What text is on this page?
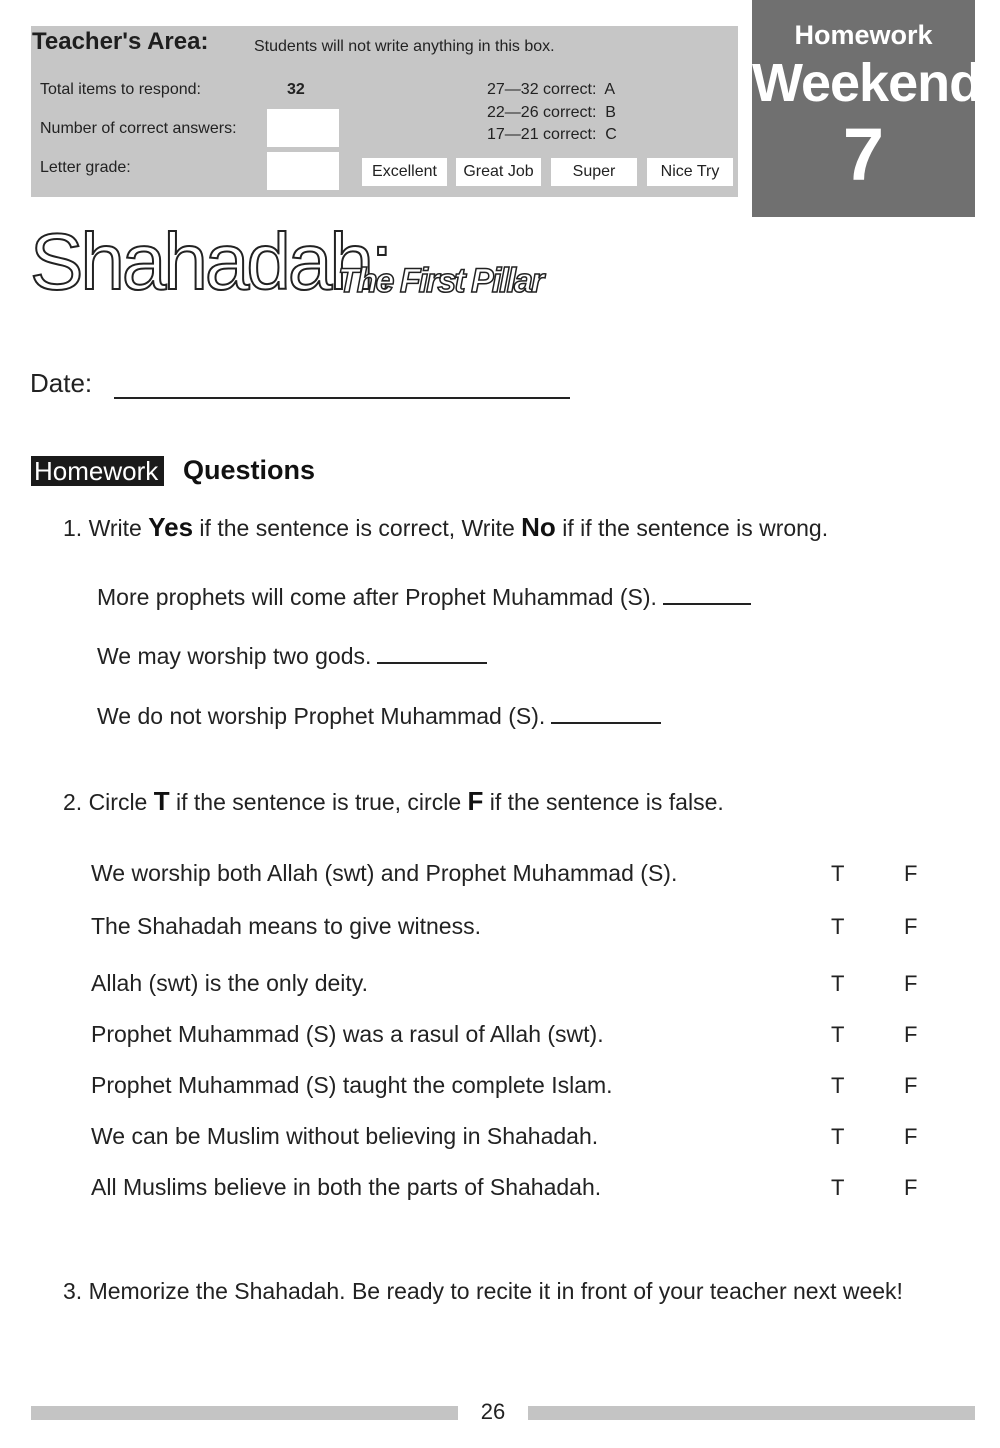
Teacher's Area:	Students will not write anything in this box.
Total items to respond:	32
Number of correct answers:
Letter grade:
27—32 correct:  A
22—26 correct:  B
17—21 correct:  C
Excellent	Great Job	Super	Nice Try
Homework
Weekend
7
Shahadah:
The First Pillar
Date:
Homework Questions
1. Write Yes if the sentence is correct, Write No if if the sentence is wrong.
More prophets will come after Prophet Muhammad (S).
We may worship two gods.
We do not worship Prophet Muhammad (S).
2. Circle T if the sentence is true, circle F if the sentence is false.
We worship both Allah (swt) and Prophet Muhammad (S).	T	F
The Shahadah means to give witness.	T	F
Allah (swt) is the only deity.	T	F
Prophet Muhammad (S) was a rasul of Allah (swt).	T	F
Prophet Muhammad (S) taught the complete Islam.	T	F
We can be Muslim without believing in Shahadah.	T	F
All Muslims believe in both the parts of Shahadah.	T	F
3. Memorize the Shahadah. Be ready to recite it in front of your teacher next week!
26
